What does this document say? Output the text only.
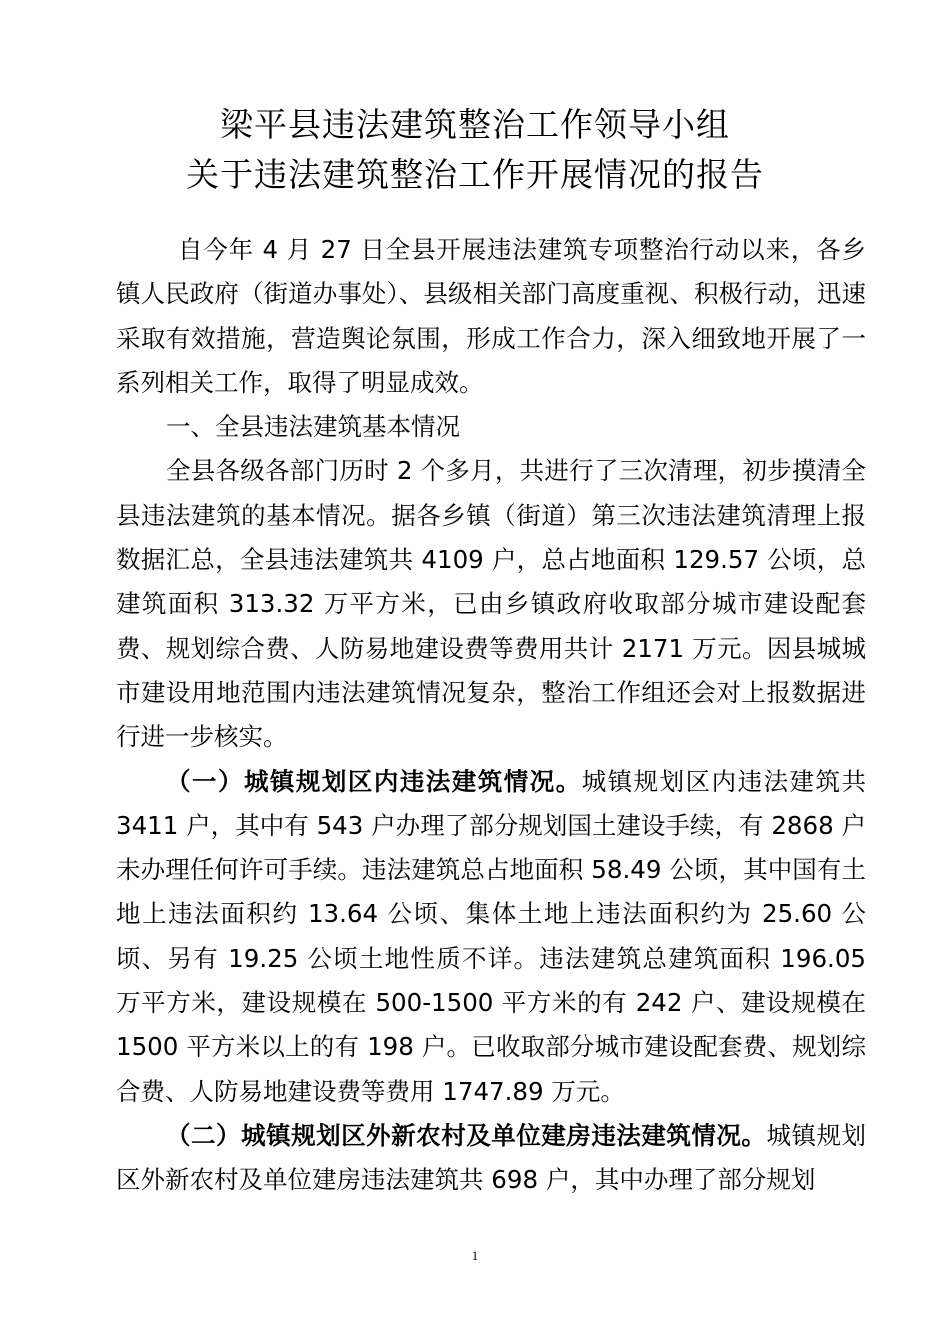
梁平县违法建筑整治工作领导小组
关于违法建筑整治工作开展情况的报告

自今年 4 月 27 日全县开展违法建筑专项整治行动以来，各乡镇人民政府（街道办事处）、县级相关部门高度重视、积极行动，迅速采取有效措施，营造舆论氛围，形成工作合力，深入细致地开展了一系列相关工作，取得了明显成效。

一、全县违法建筑基本情况

全县各级各部门历时 2 个多月，共进行了三次清理，初步摸清全县违法建筑的基本情况。据各乡镇（街道）第三次违法建筑清理上报数据汇总，全县违法建筑共 4109 户，总占地面积 129.57 公顷，总建筑面积 313.32 万平方米，已由乡镇政府收取部分城市建设配套费、规划综合费、人防易地建设费等费用共计 2171 万元。因县城城市建设用地范围内违法建筑情况复杂，整治工作组还会对上报数据进行进一步核实。

（一）城镇规划区内违法建筑情况。城镇规划区内违法建筑共 3411 户，其中有 543 户办理了部分规划国土建设手续，有 2868 户未办理任何许可手续。违法建筑总占地面积 58.49 公顷，其中国有土地上违法面积约 13.64 公顷、集体土地上违法面积约为 25.60 公顷、另有 19.25 公顷土地性质不详。违法建筑总建筑面积 196.05 万平方米，建设规模在 500-1500 平方米的有 242 户、建设规模在 1500 平方米以上的有 198 户。已收取部分城市建设配套费、规划综合费、人防易地建设费等费用 1747.89 万元。

（二）城镇规划区外新农村及单位建房违法建筑情况。城镇规划区外新农村及单位建房违法建筑共 698 户，其中办理了部分规划

1
